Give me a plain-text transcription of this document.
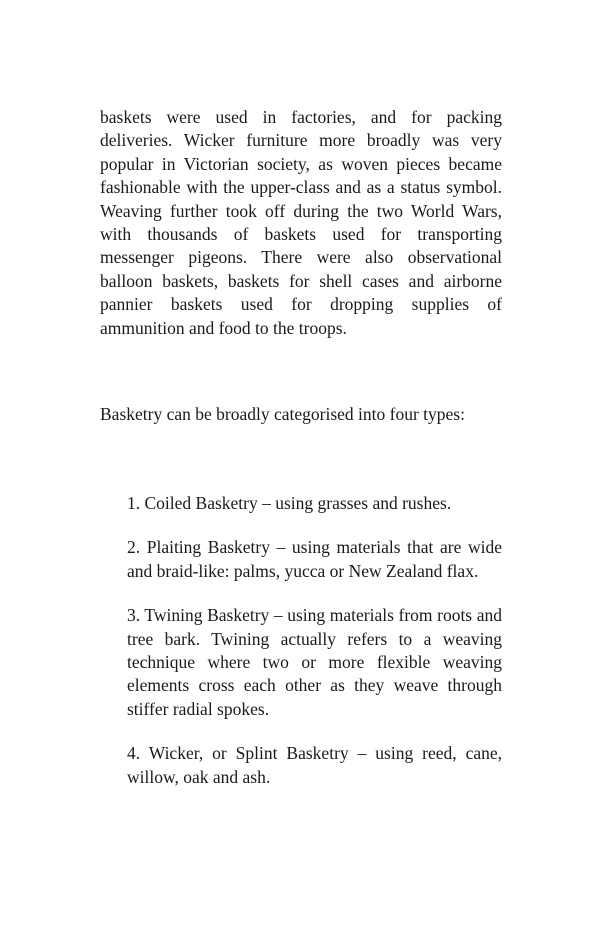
baskets were used in factories, and for packing deliveries. Wicker furniture more broadly was very popular in Victorian society, as woven pieces became fashionable with the upper-class and as a status symbol. Weaving further took off during the two World Wars, with thousands of baskets used for transporting messenger pigeons. There were also observational balloon baskets, baskets for shell cases and airborne pannier baskets used for dropping supplies of ammunition and food to the troops.

Basketry can be broadly categorised into four types:

1. Coiled Basketry – using grasses and rushes.
2. Plaiting Basketry – using materials that are wide and braid-like: palms, yucca or New Zealand flax.
3. Twining Basketry – using materials from roots and tree bark. Twining actually refers to a weaving technique where two or more flexible weaving elements cross each other as they weave through stiffer radial spokes.
4. Wicker, or Splint Basketry – using reed, cane, willow, oak and ash.
